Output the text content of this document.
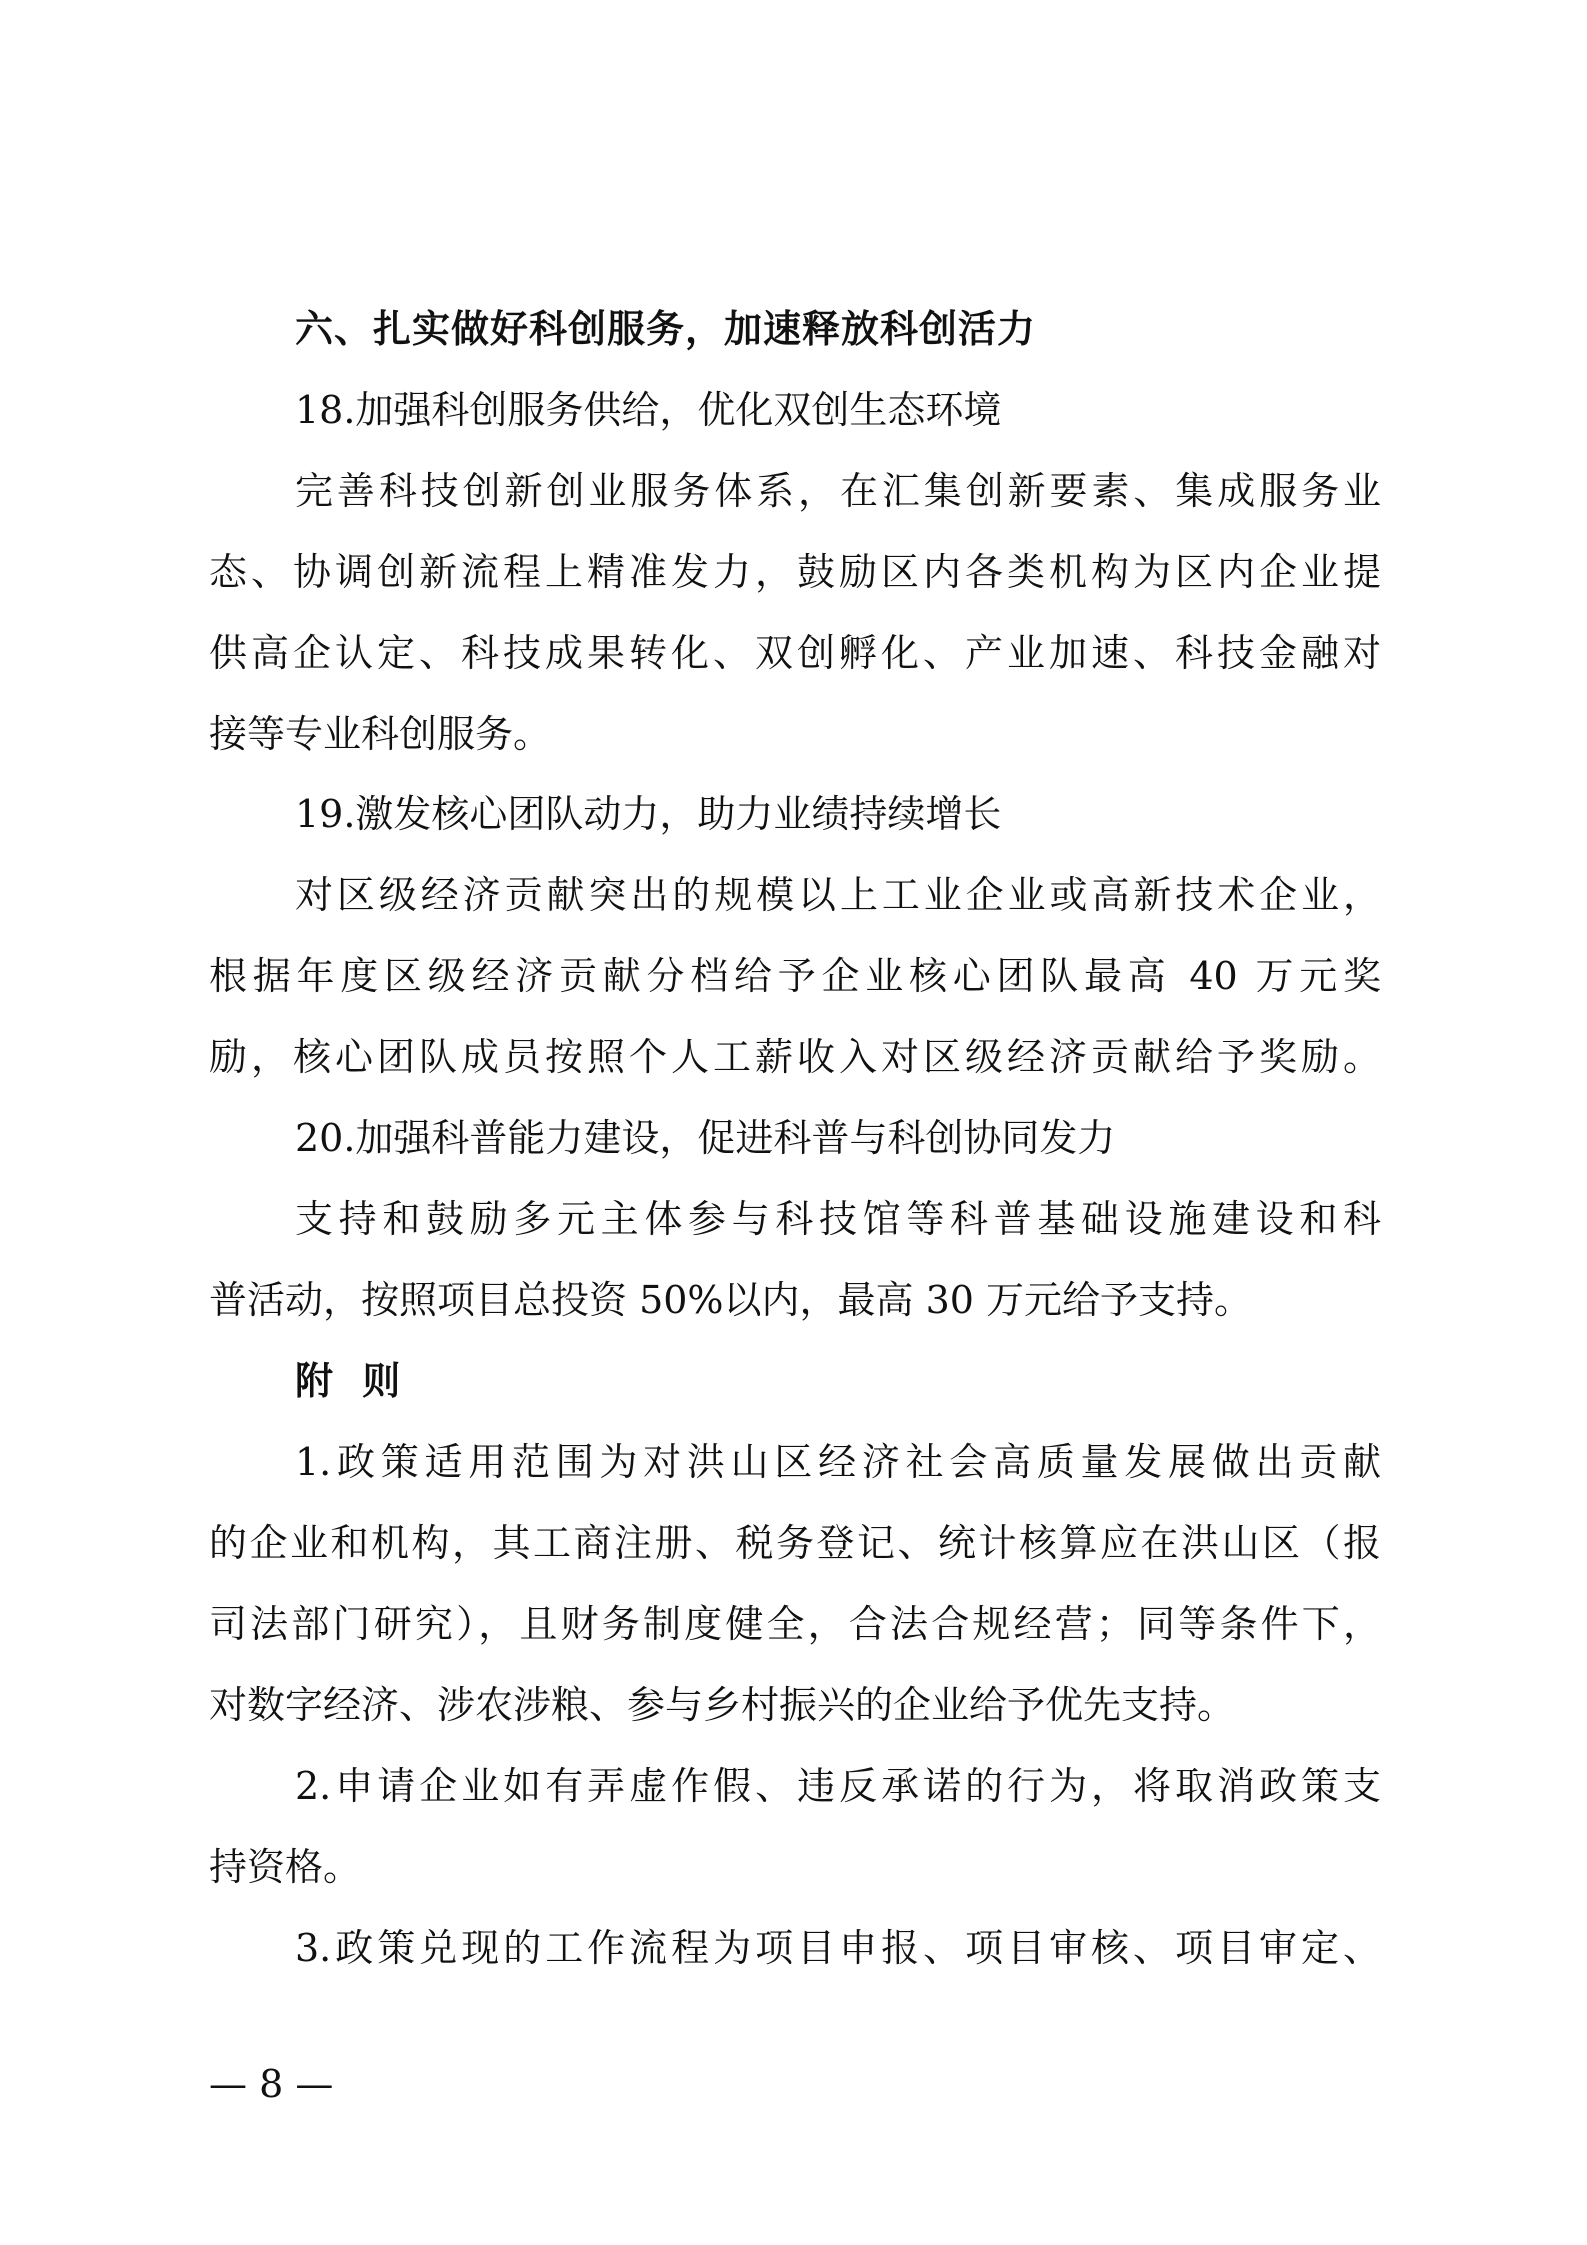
六、扎实做好科创服务，加速释放科创活力
18.加强科创服务供给，优化双创生态环境
完善科技创新创业服务体系，在汇集创新要素、集成服务业
态、协调创新流程上精准发力，鼓励区内各类机构为区内企业提
供高企认定、科技成果转化、双创孵化、产业加速、科技金融对
接等专业科创服务。
19.激发核心团队动力，助力业绩持续增长
对区级经济贡献突出的规模以上工业企业或高新技术企业，
根据年度区级经济贡献分档给予企业核心团队最高 40 万元奖
励，核心团队成员按照个人工薪收入对区级经济贡献给予奖励。
20.加强科普能力建设，促进科普与科创协同发力
支持和鼓励多元主体参与科技馆等科普基础设施建设和科
普活动，按照项目总投资 50%以内，最高 30 万元给予支持。
附 则
1.政策适用范围为对洪山区经济社会高质量发展做出贡献
的企业和机构，其工商注册、税务登记、统计核算应在洪山区（报
司法部门研究），且财务制度健全，合法合规经营；同等条件下，
对数字经济、涉农涉粮、参与乡村振兴的企业给予优先支持。
2.申请企业如有弄虚作假、违反承诺的行为，将取消政策支
持资格。
3.政策兑现的工作流程为项目申报、项目审核、项目审定、
— 8 —
